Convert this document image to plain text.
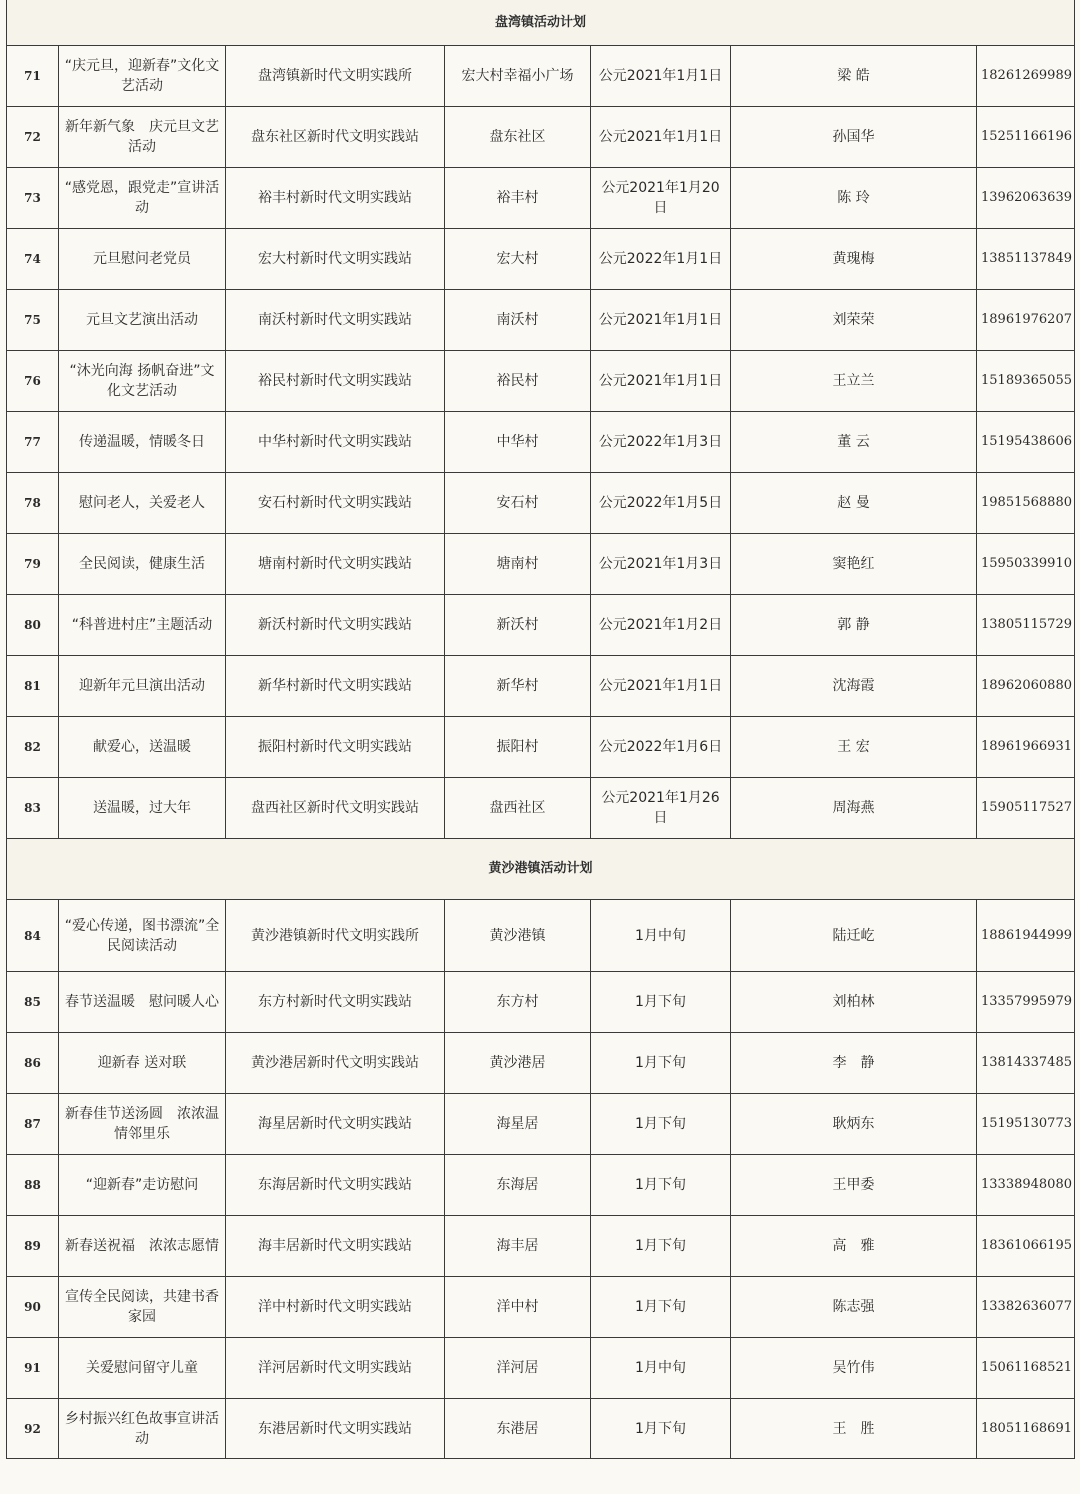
盘湾镇活动计划						
71	“庆元旦，迎新春”文化文艺活动	盘湾镇新时代文明实践所	宏大村幸福小广场	公元2021年1月1日	梁 皓	18261269989
72	新年新气象　庆元旦文艺活动	盘东社区新时代文明实践站	盘东社区	公元2021年1月1日	孙国华	15251166196
73	“感党恩，跟党走”宣讲活动	裕丰村新时代文明实践站	裕丰村	公元2021年1月20日	陈 玲	13962063639
74	元旦慰问老党员	宏大村新时代文明实践站	宏大村	公元2022年1月1日	黄瑰梅	13851137849
75	元旦文艺演出活动	南沃村新时代文明实践站	南沃村	公元2021年1月1日	刘荣荣	18961976207
76	“沐光向海 扬帆奋进”文化文艺活动	裕民村新时代文明实践站	裕民村	公元2021年1月1日	王立兰	15189365055
77	传递温暖，情暖冬日	中华村新时代文明实践站	中华村	公元2022年1月3日	董 云	15195438606
78	慰问老人，关爱老人	安石村新时代文明实践站	安石村	公元2022年1月5日	赵 曼	19851568880
79	全民阅读，健康生活	塘南村新时代文明实践站	塘南村	公元2021年1月3日	窦艳红	15950339910
80	“科普进村庄”主题活动	新沃村新时代文明实践站	新沃村	公元2021年1月2日	郭 静	13805115729
81	迎新年元旦演出活动	新华村新时代文明实践站	新华村	公元2021年1月1日	沈海霞	18962060880
82	献爱心，送温暖	振阳村新时代文明实践站	振阳村	公元2022年1月6日	王 宏	18961966931
83	送温暖，过大年	盘西社区新时代文明实践站	盘西社区	公元2021年1月26日	周海燕	15905117527
黄沙港镇活动计划						
84	“爱心传递，图书漂流”全民阅读活动	黄沙港镇新时代文明实践所	黄沙港镇	1月中旬	陆迁屹	18861944999
85	春节送温暖　慰问暖人心	东方村新时代文明实践站	东方村	1月下旬	刘柏林	13357995979
86	迎新春 送对联	黄沙港居新时代文明实践站	黄沙港居	1月下旬	李　静	13814337485
87	新春佳节送汤圆　浓浓温情邻里乐	海星居新时代文明实践站	海星居	1月下旬	耿炳东	15195130773
88	“迎新春”走访慰问	东海居新时代文明实践站	东海居	1月下旬	王甲委	13338948080
89	新春送祝福　浓浓志愿情	海丰居新时代文明实践站	海丰居	1月下旬	高　雅	18361066195
90	宣传全民阅读，共建书香家园	洋中村新时代文明实践站	洋中村	1月下旬	陈志强	13382636077
91	关爱慰问留守儿童	洋河居新时代文明实践站	洋河居	1月中旬	吴竹伟	15061168521
92	乡村振兴红色故事宣讲活动	东港居新时代文明实践站	东港居	1月下旬	王　胜	18051168691
